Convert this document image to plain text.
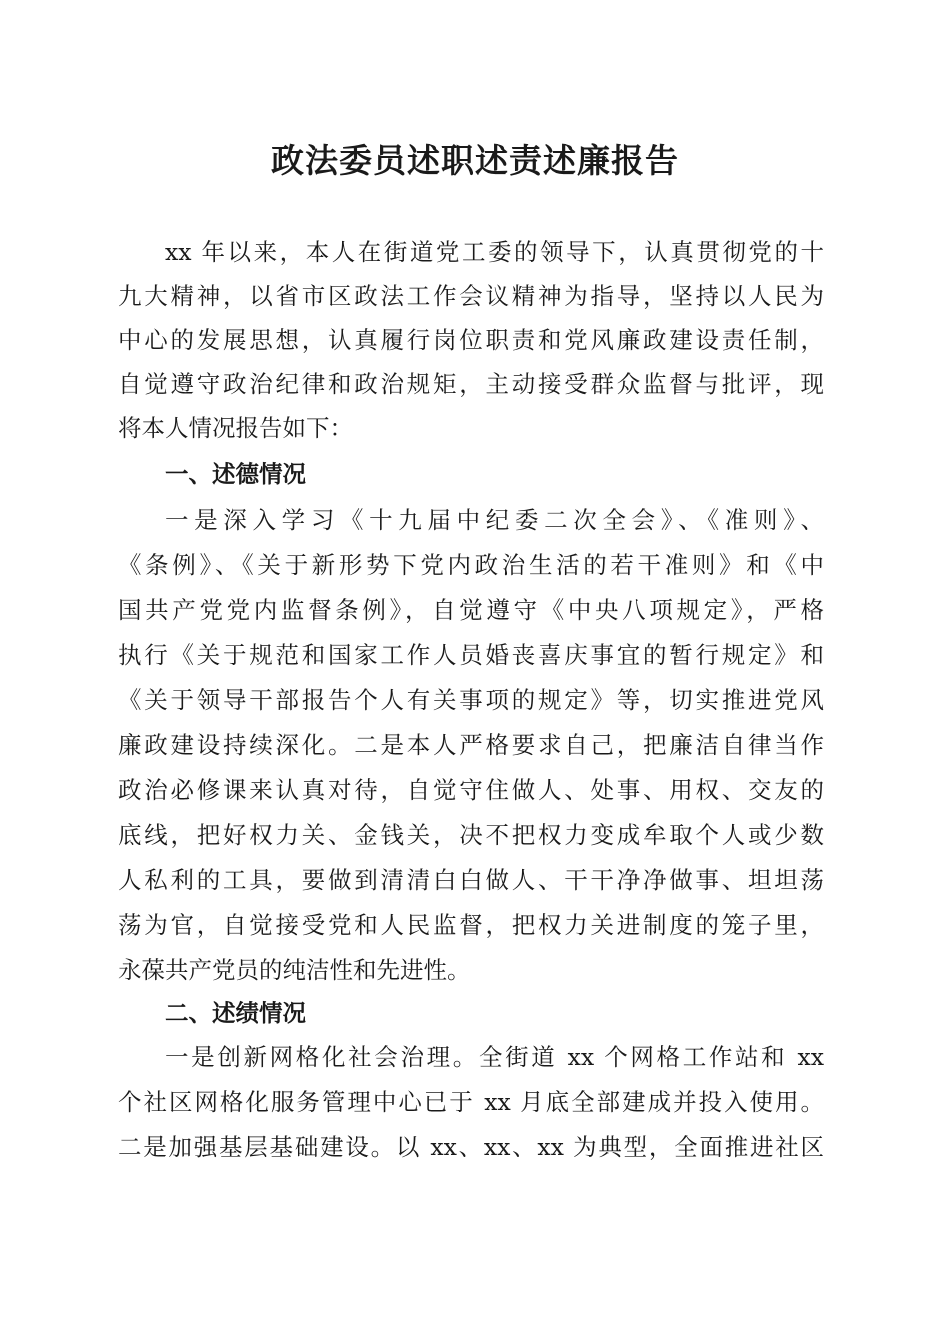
政法委员述职述责述廉报告
xx 年以来，本人在街道党工委的领导下，认真贯彻党的十
九大精神，以省市区政法工作会议精神为指导，坚持以人民为
中心的发展思想，认真履行岗位职责和党风廉政建设责任制，
自觉遵守政治纪律和政治规矩，主动接受群众监督与批评，现
将本人情况报告如下：
一、述德情况
一是深入学习《十九届中纪委二次全会》、《准则》、
《条例》、《关于新形势下党内政治生活的若干准则》和《中
国共产党党内监督条例》，自觉遵守《中央八项规定》，严格
执行《关于规范和国家工作人员婚丧喜庆事宜的暂行规定》和
《关于领导干部报告个人有关事项的规定》等，切实推进党风
廉政建设持续深化。二是本人严格要求自己，把廉洁自律当作
政治必修课来认真对待，自觉守住做人、处事、用权、交友的
底线，把好权力关、金钱关，决不把权力变成牟取个人或少数
人私利的工具，要做到清清白白做人、干干净净做事、坦坦荡
荡为官，自觉接受党和人民监督，把权力关进制度的笼子里，
永葆共产党员的纯洁性和先进性。
二、述绩情况
一是创新网格化社会治理。全街道 xx 个网格工作站和 xx
个社区网格化服务管理中心已于 xx 月底全部建成并投入使用。
二是加强基层基础建设。以 xx、xx、xx 为典型，全面推进社区
